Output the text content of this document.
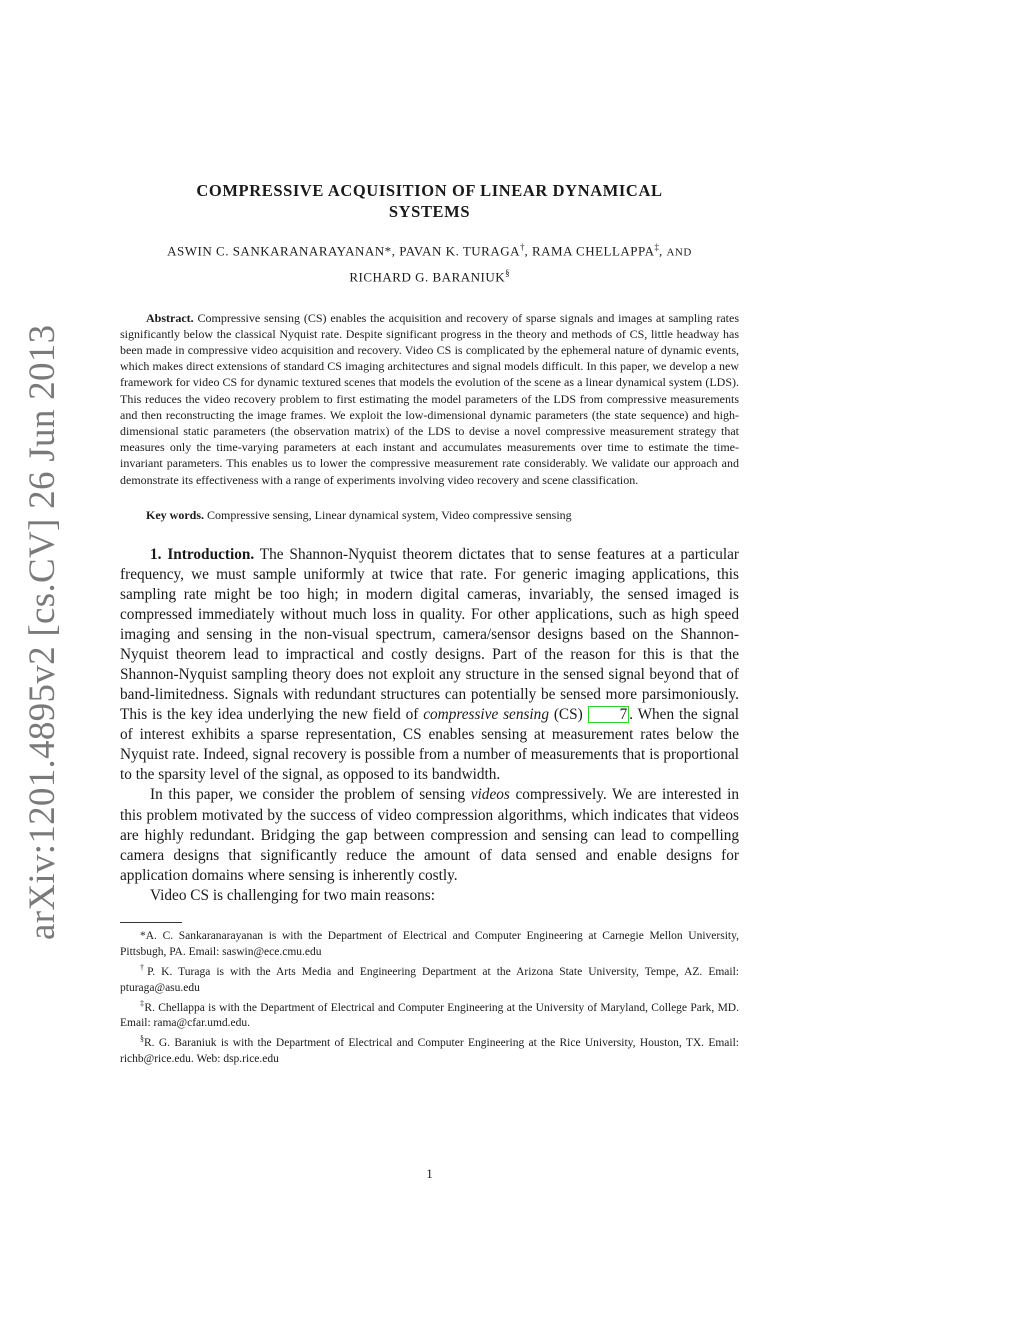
arXiv:1201.4895v2 [cs.CV] 26 Jun 2013
COMPRESSIVE ACQUISITION OF LINEAR DYNAMICAL SYSTEMS
ASWIN C. SANKARANARAYANAN*, PAVAN K. TURAGA†, RAMA CHELLAPPA‡, AND
RICHARD G. BARANIUK§
Abstract. Compressive sensing (CS) enables the acquisition and recovery of sparse signals and images at sampling rates significantly below the classical Nyquist rate. Despite significant progress in the theory and methods of CS, little headway has been made in compressive video acquisition and recovery. Video CS is complicated by the ephemeral nature of dynamic events, which makes direct extensions of standard CS imaging architectures and signal models difficult. In this paper, we develop a new framework for video CS for dynamic textured scenes that models the evolution of the scene as a linear dynamical system (LDS). This reduces the video recovery problem to first estimating the model parameters of the LDS from compressive measurements and then reconstructing the image frames. We exploit the low-dimensional dynamic parameters (the state sequence) and high-dimensional static parameters (the observation matrix) of the LDS to devise a novel compressive measurement strategy that measures only the time-varying parameters at each instant and accumulates measurements over time to estimate the time-invariant parameters. This enables us to lower the compressive measurement rate considerably. We validate our approach and demonstrate its effectiveness with a range of experiments involving video recovery and scene classification.
Key words. Compressive sensing, Linear dynamical system, Video compressive sensing

1. Introduction. The Shannon-Nyquist theorem dictates that to sense features at a particular frequency, we must sample uniformly at twice that rate. For generic imaging applications, this sampling rate might be too high; in modern digital cameras, invariably, the sensed imaged is compressed immediately without much loss in quality. For other applications, such as high speed imaging and sensing in the non-visual spectrum, camera/sensor designs based on the Shannon-Nyquist theorem lead to impractical and costly designs. Part of the reason for this is that the Shannon-Nyquist sampling theory does not exploit any structure in the sensed signal beyond that of band-limitedness. Signals with redundant structures can potentially be sensed more parsimoniously. This is the key idea underlying the new field of compressive sensing (CS) 7 . When the signal of interest exhibits a sparse representation, CS enables sensing at measurement rates below the Nyquist rate. Indeed, signal recovery is possible from a number of measurements that is proportional to the sparsity level of the signal, as opposed to its bandwidth.

In this paper, we consider the problem of sensing videos compressively. We are interested in this problem motivated by the success of video compression algorithms, which indicates that videos are highly redundant. Bridging the gap between compression and sensing can lead to compelling camera designs that significantly reduce the amount of data sensed and enable designs for application domains where sensing is inherently costly.

Video CS is challenging for two main reasons:

*A. C. Sankaranarayanan is with the Department of Electrical and Computer Engineering at Carnegie Mellon University, Pittsbugh, PA. Email: saswin@ece.cmu.edu

†P. K. Turaga is with the Arts Media and Engineering Department at the Arizona State University, Tempe, AZ. Email: pturaga@asu.edu

‡R. Chellappa is with the Department of Electrical and Computer Engineering at the University of Maryland, College Park, MD. Email: rama@cfar.umd.edu.

§R. G. Baraniuk is with the Department of Electrical and Computer Engineering at the Rice University, Houston, TX. Email: richb@rice.edu. Web: dsp.rice.edu

1
